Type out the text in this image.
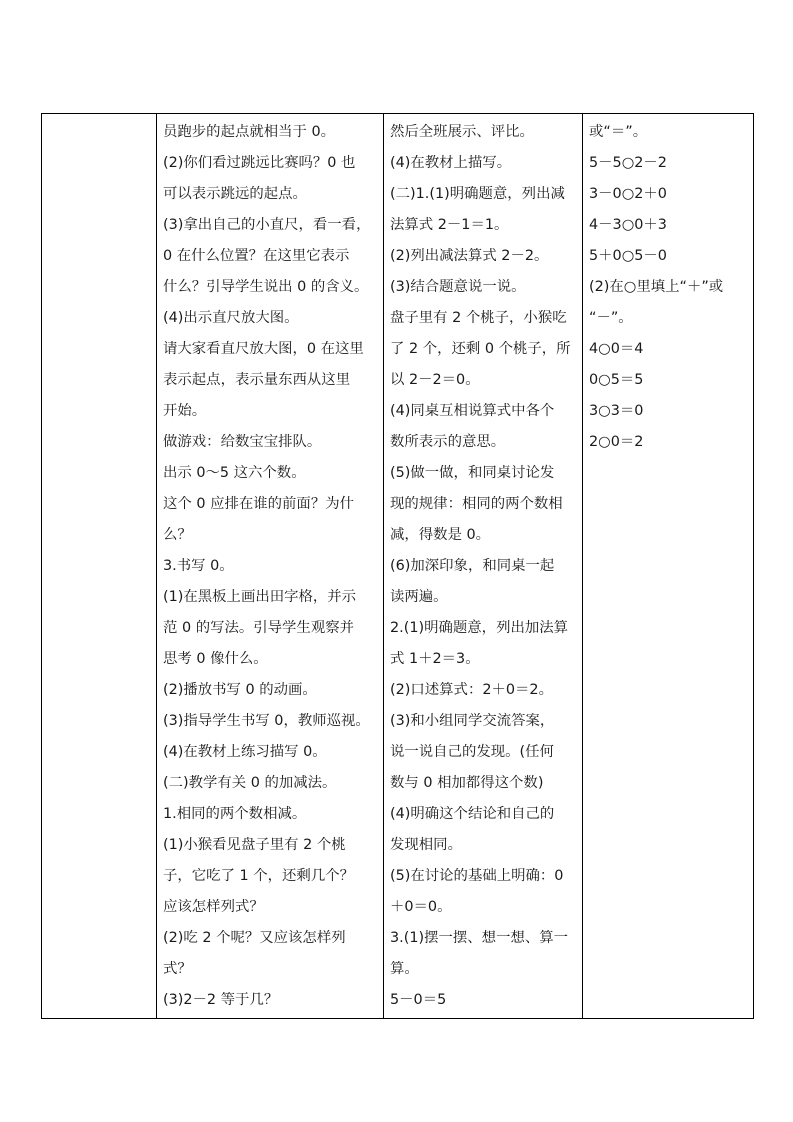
员跑步的起点就相当于 0。
(2)你们看过跳远比赛吗？0 也
可以表示跳远的起点。
(3)拿出自己的小直尺，看一看，
0 在什么位置？在这里它表示
什么？引导学生说出 0 的含义。
(4)出示直尺放大图。
请大家看直尺放大图，0 在这里
表示起点，表示量东西从这里
开始。
做游戏：给数宝宝排队。
出示 0～5 这六个数。
这个 0 应排在谁的前面？为什
么？
3.书写 0。
(1)在黑板上画出田字格，并示
范 0 的写法。引导学生观察并
思考 0 像什么。
(2)播放书写 0 的动画。
(3)指导学生书写 0，教师巡视。
(4)在教材上练习描写 0。
(二)教学有关 0 的加减法。
1.相同的两个数相减。
(1)小猴看见盘子里有 2 个桃
子，它吃了 1 个，还剩几个？
应该怎样列式？
(2)吃 2 个呢？又应该怎样列
式？
(3)2－2 等于几？

然后全班展示、评比。
(4)在教材上描写。
(二)1.(1)明确题意，列出减
法算式 2－1＝1。
(2)列出减法算式 2－2。
(3)结合题意说一说。
盘子里有 2 个桃子，小猴吃
了 2 个，还剩 0 个桃子，所
以 2－2＝0。
(4)同桌互相说算式中各个
数所表示的意思。
(5)做一做，和同桌讨论发
现的规律：相同的两个数相
减，得数是 0。
(6)加深印象，和同桌一起
读两遍。
2.(1)明确题意，列出加法算
式 1＋2＝3。
(2)口述算式：2＋0＝2。
(3)和小组同学交流答案，
说一说自己的发现。(任何
数与 0 相加都得这个数)
(4)明确这个结论和自己的
发现相同。
(5)在讨论的基础上明确：0
＋0＝0。
3.(1)摆一摆、想一想、算一
算。
5－0＝5

或“＝”。
5－5○2－2
3－0○2＋0
4－3○0＋3
5＋0○5－0
(2)在○里填上“＋”或
“－”。
4○0＝4
0○5＝5
3○3＝0
2○0＝2
